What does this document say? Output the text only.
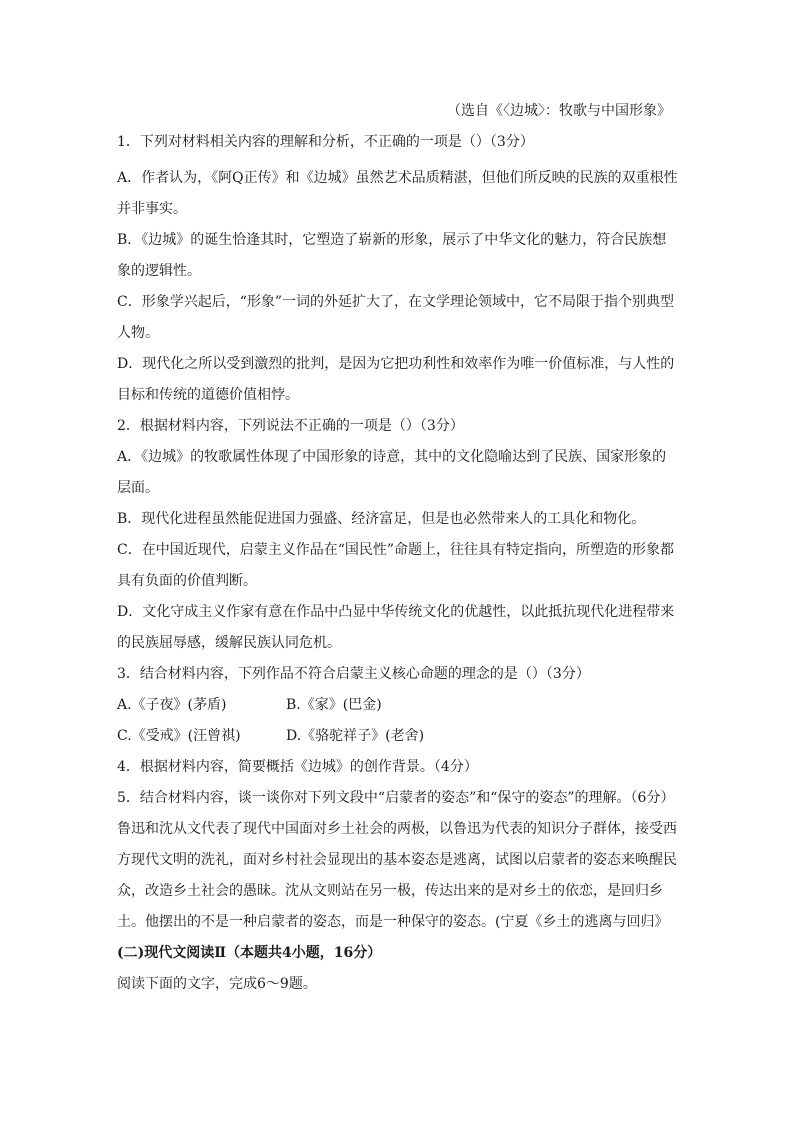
（选自《〈边城〉：牧歌与中国形象》

1．下列对材料相关内容的理解和分析，不正确的一项是（）（3分）

A．作者认为，《阿Q正传》和《边城》虽然艺术品质精湛，但他们所反映的民族的双重根性并非事实。

B．《边城》的诞生恰逢其时，它塑造了崭新的形象，展示了中华文化的魅力，符合民族想象的逻辑性。

C．形象学兴起后，“形象”一词的外延扩大了，在文学理论领域中，它不局限于指个别典型人物。

D．现代化之所以受到激烈的批判，是因为它把功利性和效率作为唯一价值标准，与人性的目标和传统的道德价值相悖。

2．根据材料内容，下列说法不正确的一项是（）（3分）

A．《边城》的牧歌属性体现了中国形象的诗意，其中的文化隐喻达到了民族、国家形象的层面。

B．现代化进程虽然能促进国力强盛、经济富足，但是也必然带来人的工具化和物化。

C．在中国近现代，启蒙主义作品在“国民性”命题上，往往具有特定指向，所塑造的形象都具有负面的价值判断。

D．文化守成主义作家有意在作品中凸显中华传统文化的优越性，以此抵抗现代化进程带来的民族屈辱感，缓解民族认同危机。

3．结合材料内容，下列作品不符合启蒙主义核心命题的理念的是（）（3分）

A.《子夜》(茅盾)	B.《家》(巴金)

C.《受戒》(汪曾祺)	D.《骆驼祥子》(老舍)

4．根据材料内容，简要概括《边城》的创作背景。（4分）

5．结合材料内容，谈一谈你对下列文段中“启蒙者的姿态”和“保守的姿态”的理解。（6分）

鲁迅和沈从文代表了现代中国面对乡土社会的两极，以鲁迅为代表的知识分子群体，接受西方现代文明的洗礼，面对乡村社会显现出的基本姿态是逃离，试图以启蒙者的姿态来唤醒民众，改造乡土社会的愚昧。沈从文则站在另一极，传达出来的是对乡土的依恋，是回归乡土。他摆出的不是一种启蒙者的姿态，而是一种保守的姿态。(宁夏《乡土的逃离与回归》

(二)现代文阅读Ⅱ（本题共4小题，16分）

阅读下面的文字，完成6～9题。
